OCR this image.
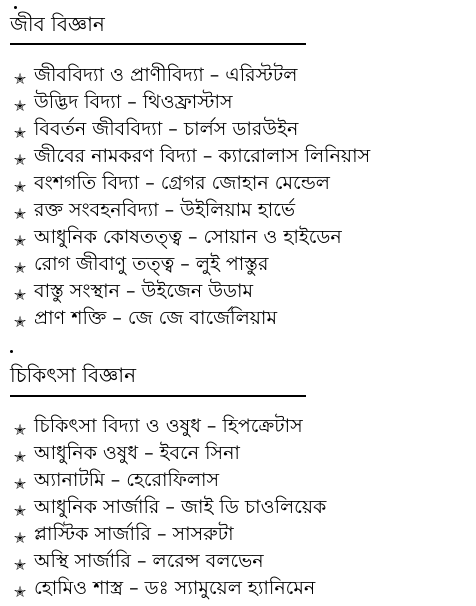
জীব বিজ্ঞান
✭ জীববিদ্যা ও প্রাণীবিদ্যা – এরিস্টটল
✭ উদ্ভিদ বিদ্যা – থিওফ্রাস্টাস
✭ বিবর্তন জীববিদ্যা – চার্লস ডারউইন
✭ জীবের নামকরণ বিদ্যা – ক্যারোলাস লিনিয়াস
✭ বংশগতি বিদ্যা – গ্রেগর জোহান মেন্ডেল
✭ রক্ত সংবহনবিদ্যা – উইলিয়াম হার্ভে
✭ আধুনিক কোষতত্ত্ব – সোয়ান ও হাইডেন
✭ রোগ জীবাণু তত্ত্ব – লুই পাস্তুর
✭ বাস্তু সংস্থান – উইজেন উডাম
✭ প্রাণ শক্তি – জে জে বার্জেলিয়াম
চিকিৎসা বিজ্ঞান
✭ চিকিৎসা বিদ্যা ও ওষুধ – হিপক্রেটাস
✭ আধুনিক ওষুধ – ইবনে সিনা
✭ অ্যানাটমি – হেরোফিলাস
✭ আধুনিক সার্জারি – জাই ডি চাওলিয়েক
✭ প্লাস্টিক সার্জারি – সাসরুটা
✭ অস্থি সার্জারি – লরেন্স বলভেন
✭ হোমিও শাস্ত্র – ডঃ স্যামুয়েল হ্যানিমেন
